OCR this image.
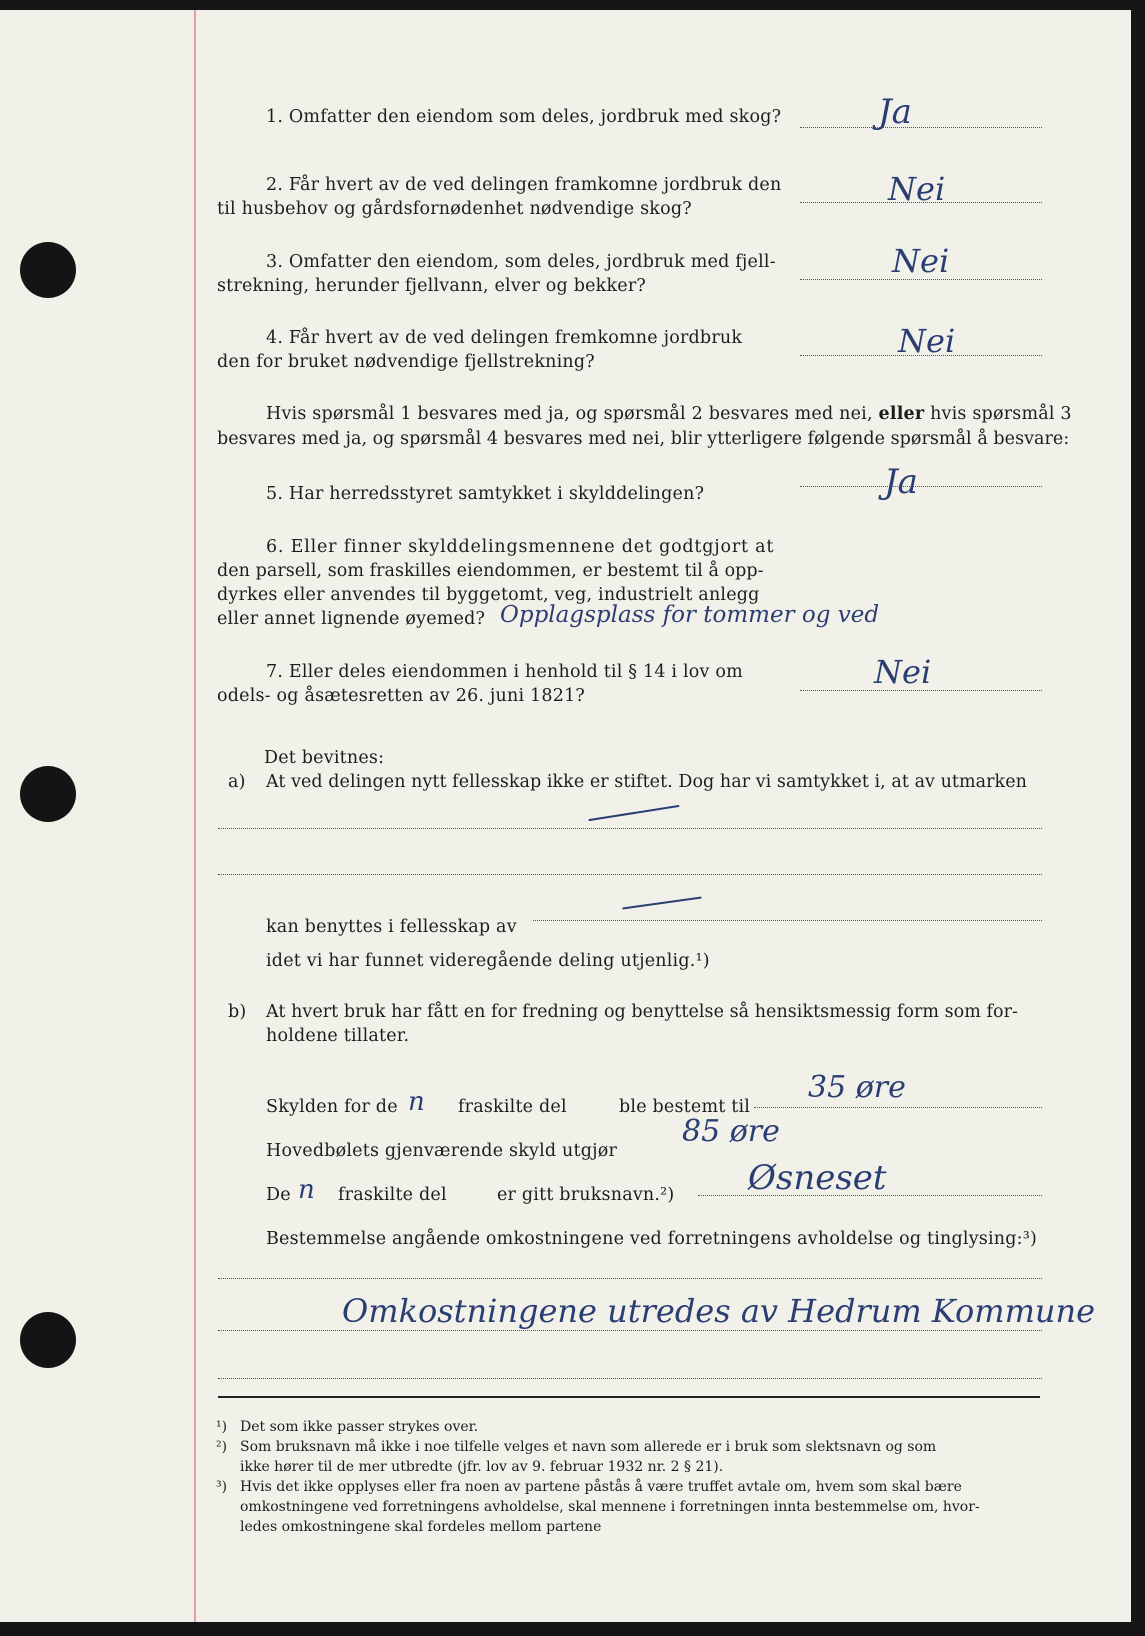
1. Omfatter den eiendom som deles, jordbruk med skog?	Ja
2. Får hvert av de ved delingen framkomne jordbruk den
til husbehov og gårdsfornødenhet nødvendige skog?
Nei
3. Omfatter den eiendom, som deles, jordbruk med fjell-
strekning, herunder fjellvann, elver og bekker?
Nei
4. Får hvert av de ved delingen fremkomne jordbruk
den for bruket nødvendige fjellstrekning?
Nei
Hvis spørsmål 1 besvares med ja, og spørsmål 2 besvares med nei, eller hvis spørsmål 3
besvares med ja, og spørsmål 4 besvares med nei, blir ytterligere følgende spørsmål å besvare:
5. Har herredsstyret samtykket i skylddelingen?	Ja
6. Eller finner skylddelingsmennene det godtgjort at
den parsell, som fraskilles eiendommen, er bestemt til å opp-
dyrkes eller anvendes til byggetomt, veg, industrielt anlegg
eller annet lignende øyemed? Opplagsplass for tommer og ved
7. Eller deles eiendommen i henhold til § 14 i lov om
odels- og åsætesretten av 26. juni 1821?
Nei
Det bevitnes:
a) At ved delingen nytt fellesskap ikke er stiftet. Dog har vi samtykket i, at av utmarken
kan benyttes i fellesskap av
idet vi har funnet videregående deling utjenlig.¹)
b) At hvert bruk har fått en for fredning og benyttelse så hensiktsmessig form som for-
holdene tillater.
Skylden for de n fraskilte del	ble bestemt til
35 øre
Hovedbølets gjenværende skyld utgjør
85 øre
De n fraskilte del	er gitt bruksnavn.²) Øsneset
Bestemmelse angående omkostningene ved forretningens avholdelse og tinglysing:³)
Omkostningene utredes av Hedrum Kommune
¹) Det som ikke passer strykes over.
²) Som bruksnavn må ikke i noe tilfelle velges et navn som allerede er i bruk som slektsnavn og som
ikke hører til de mer utbredte (jfr. lov av 9. februar 1932 nr. 2 § 21).
³) Hvis det ikke opplyses eller fra noen av partene påstås å være truffet avtale om, hvem som skal bære
omkostningene ved forretningens avholdelse, skal mennene i forretningen innta bestemmelse om, hvor-
ledes omkostningene skal fordeles mellom partene
